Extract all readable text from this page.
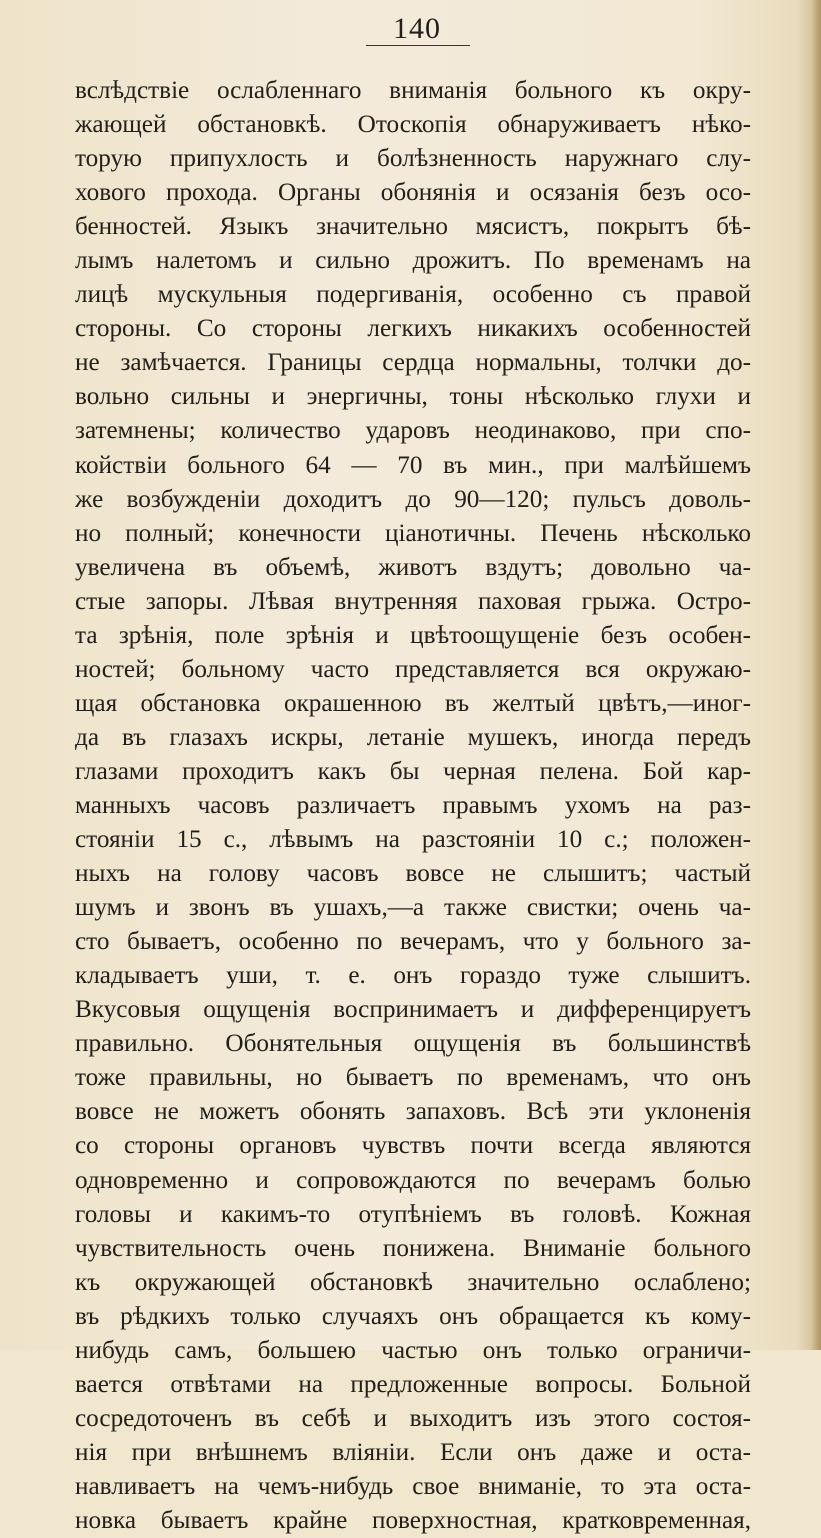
140
вслѣдствіе ослабленнаго вниманія больного къ окру-
жающей обстановкѣ. Отоскопія обнаруживаетъ нѣко-
торую припухлость и болѣзненность наружнаго слу-
хового прохода. Органы обонянія и осязанія безъ осо-
бенностей. Языкъ значительно мясистъ, покрытъ бѣ-
лымъ налетомъ и сильно дрожитъ. По временамъ на
лицѣ мускульныя подергиванія, особенно съ правой
стороны. Со стороны легкихъ никакихъ особенностей
не замѣчается. Границы сердца нормальны, толчки до-
вольно сильны и энергичны, тоны нѣсколько глухи и
затемнены; количество ударовъ неодинаково, при спо-
койствіи больного 64 — 70 въ мин., при малѣйшемъ
же возбужденіи доходитъ до 90—120; пульсъ доволь-
но полный; конечности ціанотичны. Печень нѣсколько
увеличена въ объемѣ, животъ вздутъ; довольно ча-
стые запоры. Лѣвая внутренняя паховая грыжа. Остро-
та зрѣнія, поле зрѣнія и цвѣтоощущеніе безъ особен-
ностей; больному часто представляется вся окружаю-
щая обстановка окрашенною въ желтый цвѣтъ,—иног-
да въ глазахъ искры, летаніе мушекъ, иногда передъ
глазами проходитъ какъ бы черная пелена. Бой кар-
манныхъ часовъ различаетъ правымъ ухомъ на раз-
стояніи 15 с., лѣвымъ на разстояніи 10 с.; положен-
ныхъ на голову часовъ вовсе не слышитъ; частый
шумъ и звонъ въ ушахъ,—а также свистки; очень ча-
сто бываетъ, особенно по вечерамъ, что у больного за-
кладываетъ уши, т. е. онъ гораздо туже слышитъ.
Вкусовыя ощущенія воспринимаетъ и дифференцируетъ
правильно. Обонятельныя ощущенія въ большинствѣ
тоже правильны, но бываетъ по временамъ, что онъ
вовсе не можетъ обонять запаховъ. Всѣ эти уклоненія
со стороны органовъ чувствъ почти всегда являются
одновременно и сопровождаются по вечерамъ болью
головы и какимъ-то отупѣніемъ въ головѣ. Кожная
чувствительность очень понижена. Вниманіе больного
къ окружающей обстановкѣ значительно ослаблено;
въ рѣдкихъ только случаяхъ онъ обращается къ кому-
нибудь самъ, большею частью онъ только ограничи-
вается отвѣтами на предложенные вопросы. Больной
сосредоточенъ въ себѣ и выходитъ изъ этого состоя-
нія при внѣшнемъ вліяніи. Если онъ даже и оста-
навливаетъ на чемъ-нибудь свое вниманіе, то эта оста-
новка бываетъ крайне поверхностная, кратковременная,
